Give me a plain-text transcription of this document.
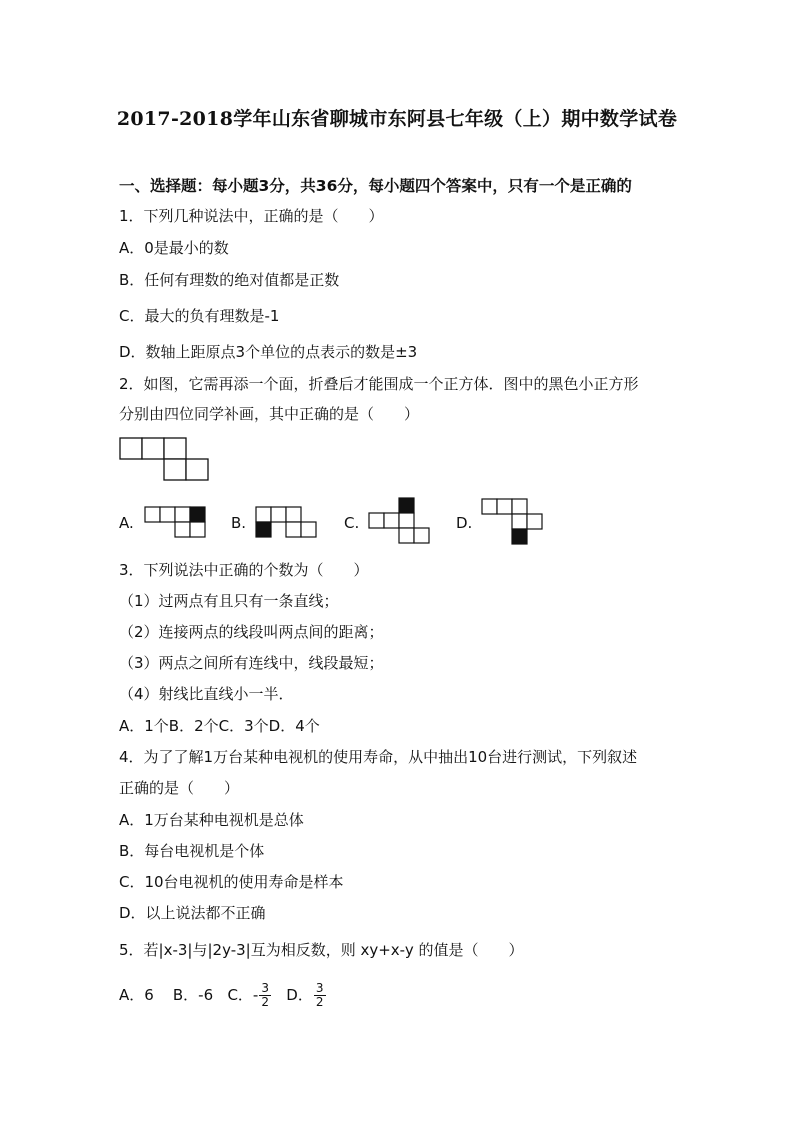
2017-2018学年山东省聊城市东阿县七年级（上）期中数学试卷
一、选择题：每小题3分，共36分，每小题四个答案中，只有一个是正确的
1．下列几种说法中，正确的是（　　）
A．0是最小的数
B．任何有理数的绝对值都是正数
C．最大的负有理数是-1
D．数轴上距原点3个单位的点表示的数是±3
2．如图，它需再添一个面，折叠后才能围成一个正方体．图中的黑色小正方形
分别由四位同学补画，其中正确的是（　　）
A.	B.	C.	D.
3．下列说法中正确的个数为（　　）
（1）过两点有且只有一条直线；
（2）连接两点的线段叫两点间的距离；
（3）两点之间所有连线中，线段最短；
（4）射线比直线小一半．
A．1个B．2个C．3个D．4个
4．为了了解1万台某种电视机的使用寿命，从中抽出10台进行测试，下列叙述
正确的是（　　）
A．1万台某种电视机是总体
B．每台电视机是个体
C．10台电视机的使用寿命是样本
D．以上说法都不正确
5．若|x-3|与|2y-3|互为相反数，则 xy+x-y 的值是（　　）
A．6 B．-6 C．- $\frac{3}{2}$ D． $\frac{3}{2}$
